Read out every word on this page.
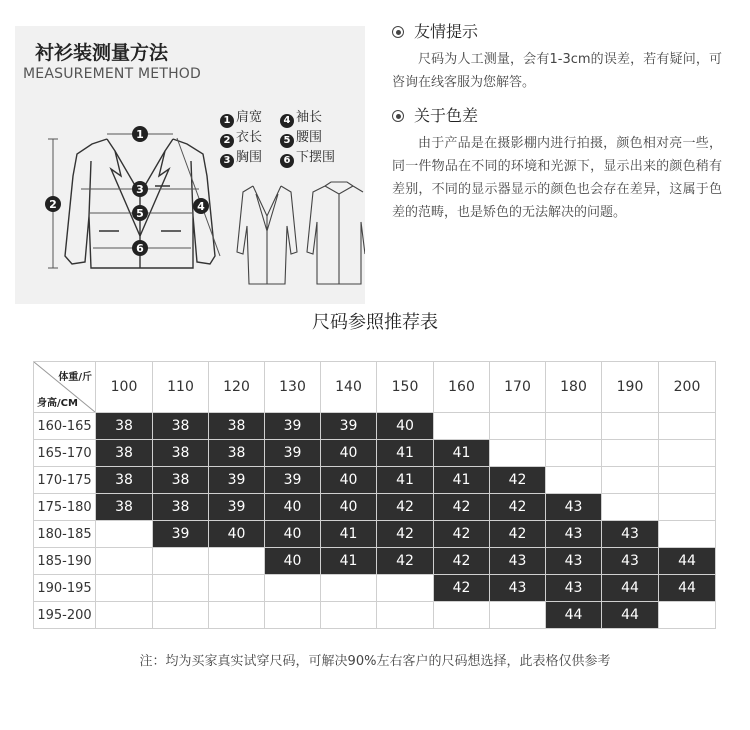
衬衫装测量方法
MEASUREMENT METHOD
1
2
3
4
5
6
1 肩宽 4 袖长
2 衣长 5 腰围
3 胸围 6 下摆围
友情提示

尺码为人工测量，会有1-3cm的误差，若有疑问，可咨询在线客服为您解答。

关于色差

由于产品是在摄影棚内进行拍摄，颜色相对亮一些，同一件物品在不同的环境和光源下，显示出来的颜色稍有差别，不同的显示器显示的颜色也会存在差异，这属于色差的范畴，也是矫色的无法解决的问题。

尺码参照推荐表
体重/斤
身高/CM	100	110	120	130	140	150	160	170	180	190	200
160-165	38	38	38	39	39	40					
165-170	38	38	38	39	40	41	41				
170-175	38	38	39	39	40	41	41	42			
175-180	38	38	39	40	40	42	42	42	43		
180-185		39	40	40	41	42	42	42	43	43	
185-190				40	41	42	42	43	43	43	44
190-195							42	43	43	44	44
195-200									44	44	
注：均为买家真实试穿尺码，可解决90%左右客户的尺码想选择，此表格仅供参考
